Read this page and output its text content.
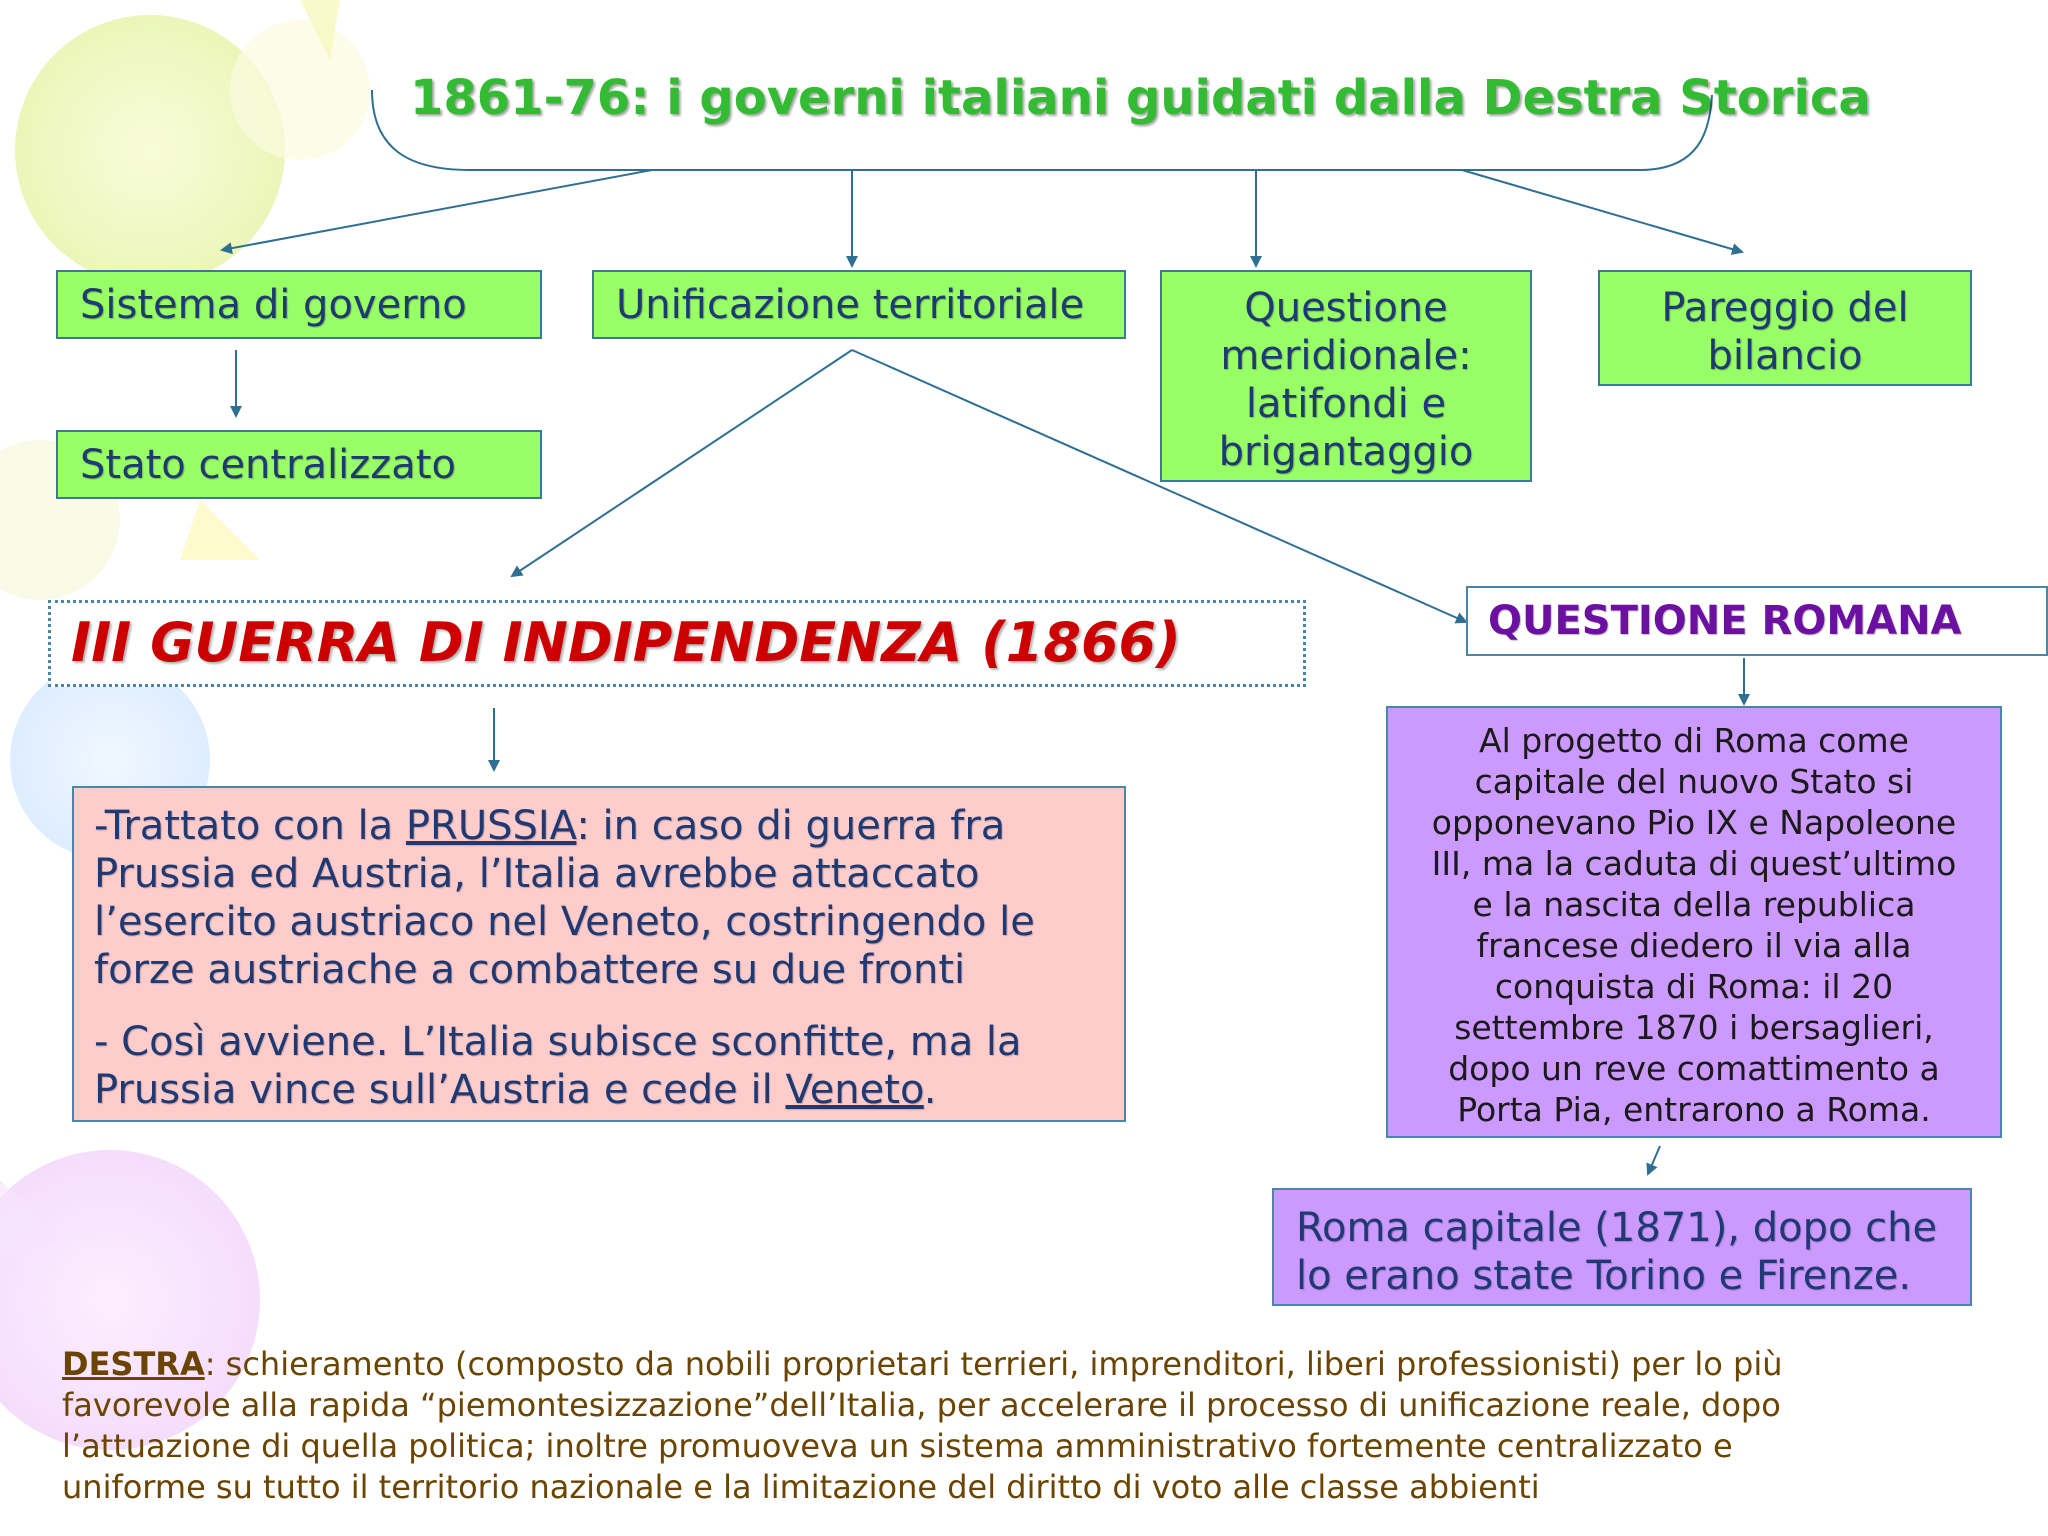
1861-76: i governi italiani guidati dalla Destra Storica
Sistema di governo
Stato centralizzato
Unificazione territoriale	Questione
meridionale:
latifondi e
brigantaggio
Pareggio del
bilancio
III GUERRA DI INDIPENDENZA (1866)	QUESTIONE ROMANA

-Trattato con la PRUSSIA: in caso di guerra fra
Prussia ed Austria, l’Italia avrebbe attaccato
l’esercito austriaco nel Veneto, costringendo le
forze austriache a combattere su due fronti

- Così avviene. L’Italia subisce sconfitte, ma la
Prussia vince sull’Austria e cede il Veneto.

Al progetto di Roma come
capitale del nuovo Stato si
opponevano Pio IX e Napoleone
III, ma la caduta di quest’ultimo
e la nascita della republica
francese diedero il via alla
conquista di Roma: il 20
settembre 1870 i bersaglieri,
dopo un reve comattimento a
Porta Pia, entrarono a Roma.
Roma capitale (1871), dopo che
lo erano state Torino e Firenze.
DESTRA: schieramento (composto da nobili proprietari terrieri, imprenditori, liberi professionisti) per lo più
favorevole alla rapida “piemontesizzazione”dell’Italia, per accelerare il processo di unificazione reale, dopo
l’attuazione di quella politica; inoltre promuoveva un sistema amministrativo fortemente centralizzato e
uniforme su tutto il territorio nazionale e la limitazione del diritto di voto alle classe abbienti
